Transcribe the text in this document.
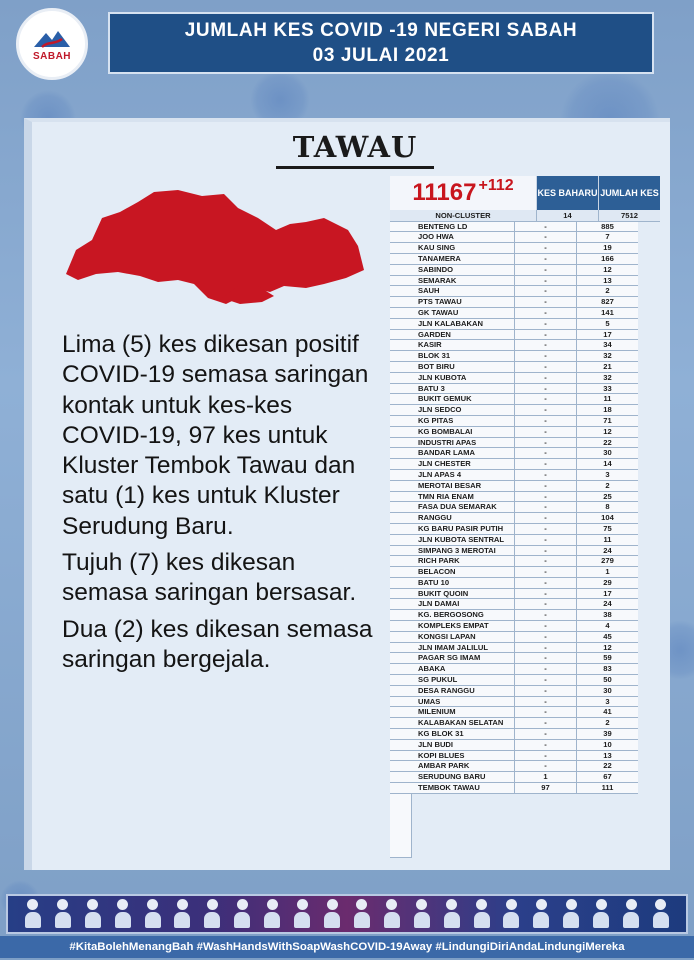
SABAH
JUMLAH KES COVID -19 NEGERI SABAH
03 JULAI 2021
TAWAU

Lima (5) kes dikesan positif COVID-19 semasa saringan kontak untuk kes-kes COVID-19, 97 kes untuk Kluster Tembok Tawau dan satu (1) kes untuk Kluster Serudung Baru.

Tujuh (7) kes dikesan semasa saringan bersasar.

Dua (2) kes dikesan semasa saringan bergejala.

11167 +112	KES BAHARU JUMLAH KES
NON-CLUSTER	14	7512
BENTENG LD	-	885
JOO HWA	-	7
KAU SING	-	19
TANAMERA	-	166
SABINDO	-	12
SEMARAK	-	13
SAUH	-	2
PTS TAWAU	-	827
GK TAWAU	-	141
JLN KALABAKAN	-	5
GARDEN	-	17
KASIR	-	34
BLOK 31	-	32
BOT BIRU	-	21
JLN KUBOTA	-	32
BATU 3	-	33
BUKIT GEMUK	-	11
JLN SEDCO	-	18
KG PITAS	-	71
KG BOMBALAI	-	12
INDUSTRI APAS	-	22
BANDAR LAMA	-	30
JLN CHESTER	-	14
JLN APAS 4	-	3
MEROTAI BESAR	-	2
TMN RIA ENAM	-	25
FASA DUA SEMARAK	-	8
RANGGU	-	104
KG BARU PASIR PUTIH	-	75
JLN KUBOTA SENTRAL	-	11
SIMPANG 3 MEROTAI	-	24
RICH PARK	-	279
BELACON	-	1
BATU 10	-	29
BUKIT QUOIN	-	17
JLN DAMAI	-	24
KG. BERGOSONG	-	38
KOMPLEKS EMPAT	-	4
KONGSI LAPAN	-	45
JLN IMAM JALILUL	-	12
PAGAR SG IMAM	-	59
ABAKA	-	83
SG PUKUL	-	50
DESA RANGGU	-	30
UMAS	-	3
MILENIUM	-	41
KALABAKAN SELATAN	-	2
KG BLOK 31	-	39
JLN BUDI	-	10
KOPI BLUES	-	13
AMBAR PARK	-	22
SERUDUNG BARU	1	67
TEMBOK TAWAU	97	111
#KitaBolehMenangBah #WashHandsWithSoapWashCOVID-19Away #LindungiDiriAndaLindungiMereka
